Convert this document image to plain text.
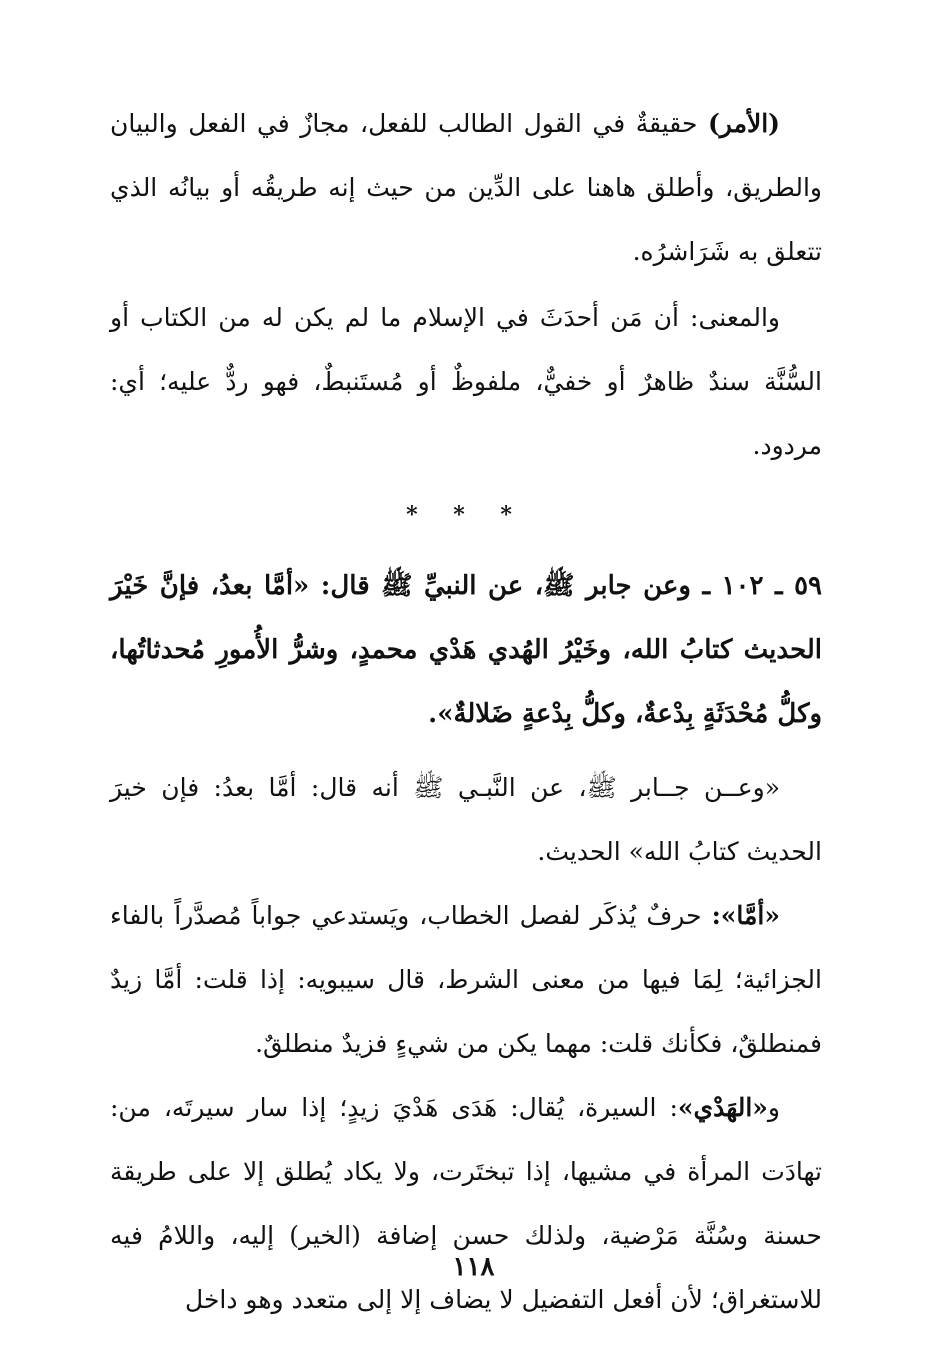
(الأمر) حقيقةٌ في القول الطالب للفعل، مجازٌ في الفعل والبيان والطريق، وأطلق هاهنا على الدِّين من حيث إنه طريقُه أو بيانُه الذي تتعلق به شَرَاشرُه.

والمعنى: أن مَن أحدَثَ في الإسلام ما لم يكن له من الكتاب أو السُّنَّة سندٌ ظاهرٌ أو خفيٌّ، ملفوظٌ أو مُستَنبطٌ، فهو ردٌّ عليه؛ أي: مردود.

* * *

٥٩ ـ ١٠٢ ـ وعن جابر ﷺ، عن النبيِّ ﷺ قال: «أمَّا بعدُ، فإنَّ خَيْرَ الحديث كتابُ الله، وخَيْرُ الهُدي هَدْي محمدٍ، وشرُّ الأُمورِ مُحدثاتُها، وكلُّ مُحْدَثَةٍ بِدْعةٌ، وكلُّ بِدْعةٍ ضَلالةٌ».

«وعــن جــابر ﷺ، عن النَّبـي ﷺ أنه قال: أمَّا بعدُ: فإن خيرَ الحديث كتابُ الله» الحديث.

«أمَّا»: حرفٌ يُذكَر لفصل الخطاب، ويَستدعي جواباً مُصدَّراً بالفاء الجزائية؛ لِمَا فيها من معنى الشرط، قال سيبويه: إذا قلت: أمَّا زيدٌ فمنطلقٌ، فكأنك قلت: مهما يكن من شيءٍ فزيدٌ منطلقٌ.

و«الهَدْي»: السيرة، يُقال: هَدَى هَدْيَ زيدٍ؛ إذا سار سيرتَه، من: تهادَت المرأة في مشيها، إذا تبختَرت، ولا يكاد يُطلق إلا على طريقة حسنة وسُنَّة مَرْضية، ولذلك حسن إضافة (الخير) إليه، واللامُ فيه للاستغراق؛ لأن أفعل التفضيل لا يضاف إلا إلى متعدد وهو داخل

١١٨
